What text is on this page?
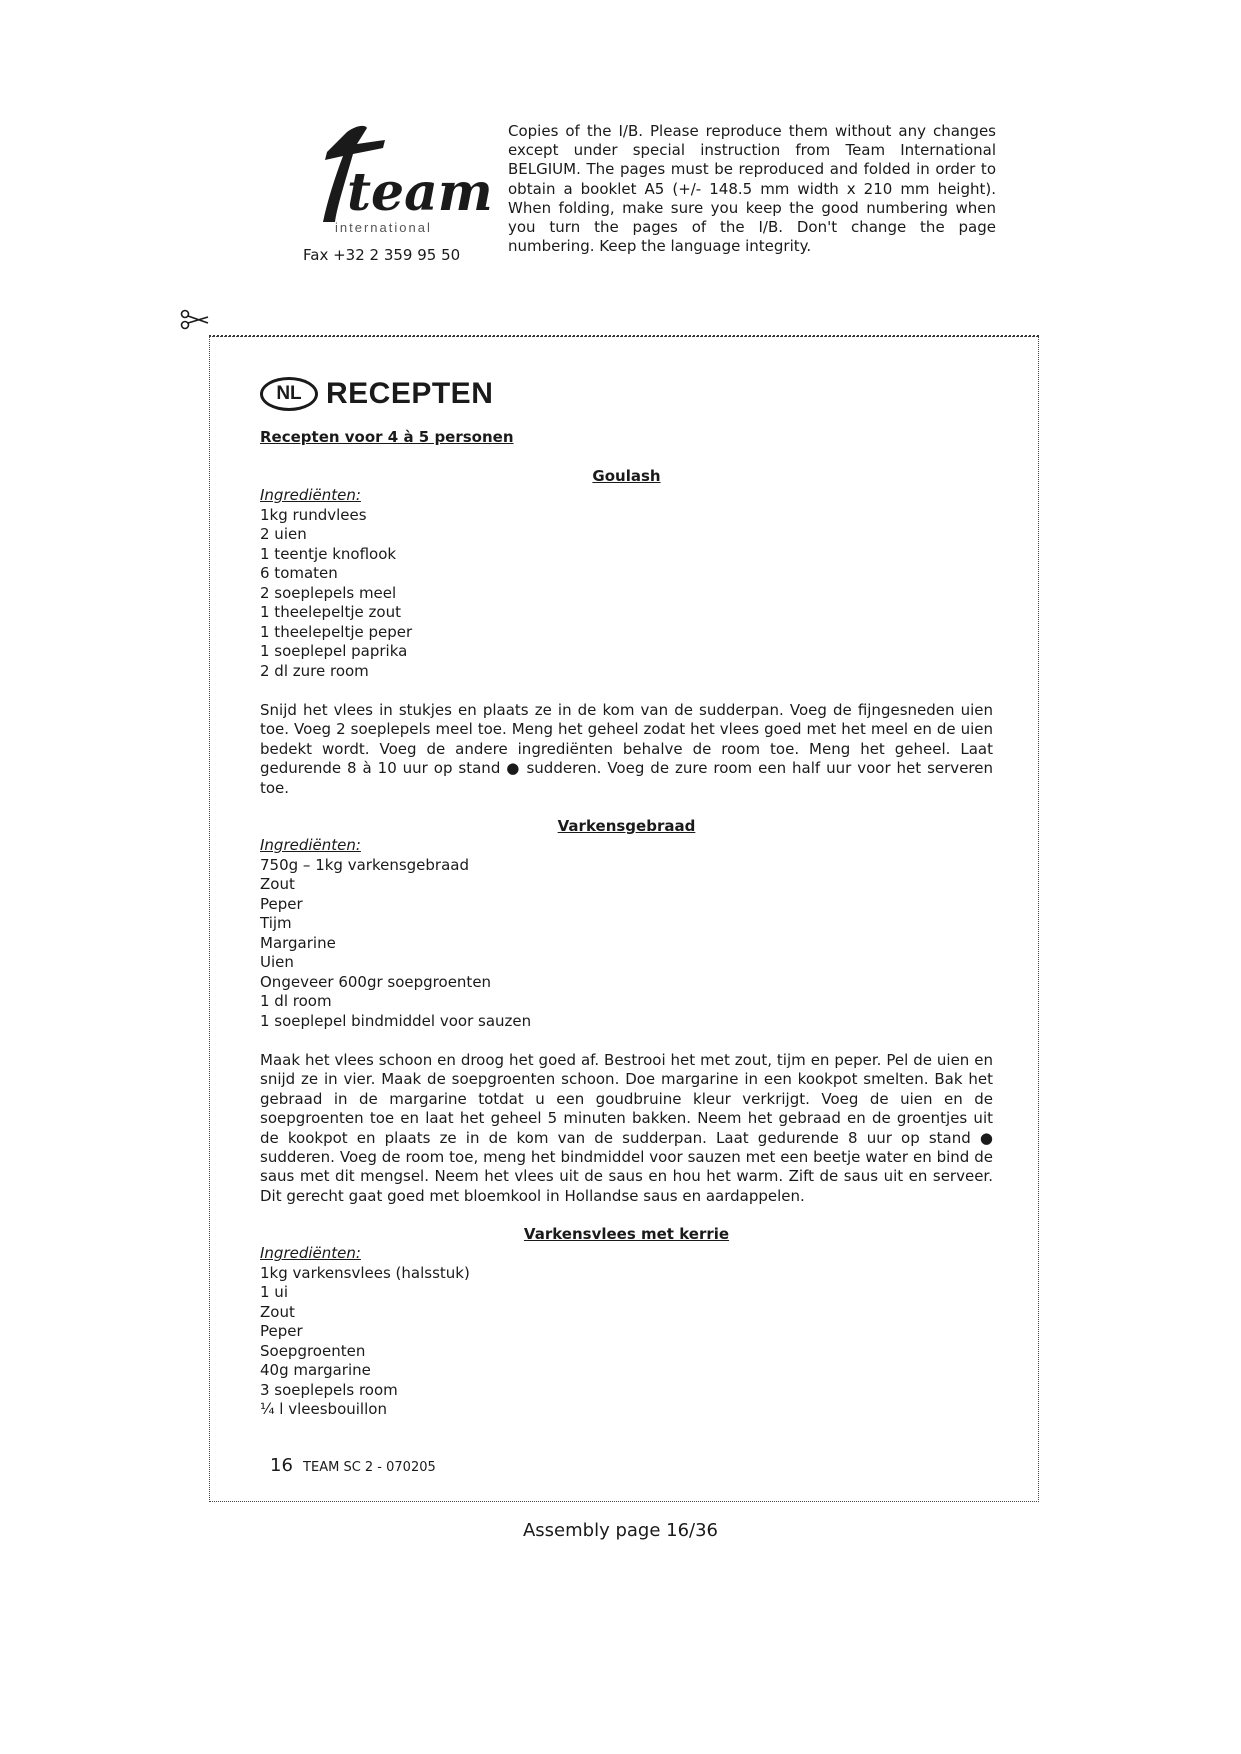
team
international
Fax +32 2 359 95 50
Copies of the I/B. Please reproduce them without any changes except under special instruction from Team International BELGIUM. The pages must be reproduced and folded in order to obtain a booklet A5 (+/- 148.5 mm width x 210 mm height). When folding, make sure you keep the good numbering when you turn the pages of the I/B. Don't change the page numbering. Keep the language integrity.
NL RECEPTEN
Recepten voor 4 à 5 personen
Goulash
Ingrediënten:
1kg rundvlees
2 uien
1 teentje knoflook
6 tomaten
2 soeplepels meel
1 theelepeltje zout
1 theelepeltje peper
1 soeplepel paprika
2 dl zure room
Snijd het vlees in stukjes en plaats ze in de kom van de sudderpan. Voeg de fijngesneden uien toe. Voeg 2 soeplepels meel toe. Meng het geheel zodat het vlees goed met het meel en de uien bedekt wordt. Voeg de andere ingrediënten behalve de room toe. Meng het geheel. Laat gedurende 8 à 10 uur op stand ● sudderen. Voeg de zure room een half uur voor het serveren toe.
Varkensgebraad
Ingrediënten:
750g – 1kg varkensgebraad
Zout
Peper
Tijm
Margarine
Uien
Ongeveer 600gr soepgroenten
1 dl room
1 soeplepel bindmiddel voor sauzen
Maak het vlees schoon en droog het goed af. Bestrooi het met zout, tijm en peper. Pel de uien en snijd ze in vier. Maak de soepgroenten schoon. Doe margarine in een kookpot smelten. Bak het gebraad in de margarine totdat u een goudbruine kleur verkrijgt. Voeg de uien en de soepgroenten toe en laat het geheel 5 minuten bakken. Neem het gebraad en de groentjes uit de kookpot en plaats ze in de kom van de sudderpan. Laat gedurende 8 uur op stand ● sudderen. Voeg de room toe, meng het bindmiddel voor sauzen met een beetje water en bind de saus met dit mengsel. Neem het vlees uit de saus en hou het warm. Zift de saus uit en serveer. Dit gerecht gaat goed met bloemkool in Hollandse saus en aardappelen.
Varkensvlees met kerrie
Ingrediënten:
1kg varkensvlees (halsstuk)
1 ui
Zout
Peper
Soepgroenten
40g margarine
3 soeplepels room
¼ l vleesbouillon
16 TEAM SC 2 - 070205
Assembly page 16/36
